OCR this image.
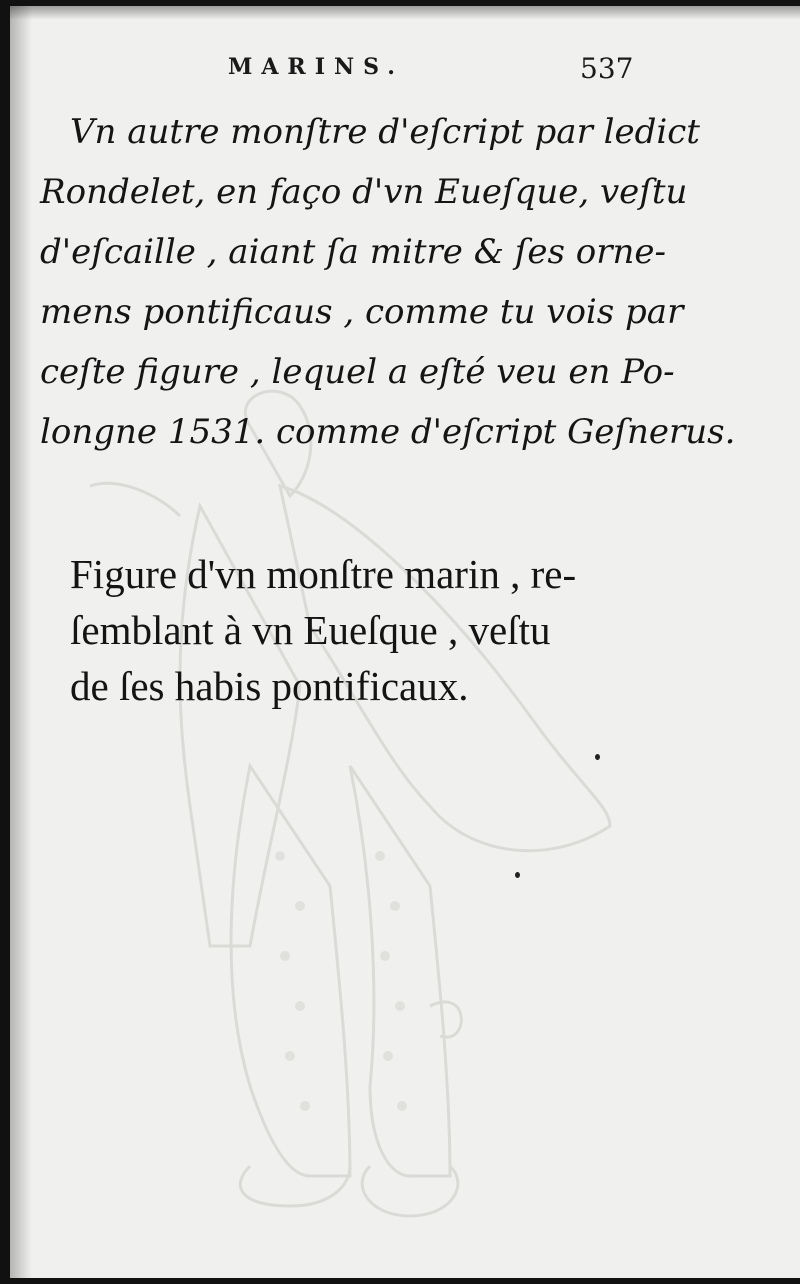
MARINS.	537
Vn autre monſtre d'eſcript par ledict
Rondelet, en faço d'vn Eueſque, veſtu
d'eſcaille , aiant ſa mitre & ſes orne-
mens pontificaus , comme tu vois par
ceſte figure , lequel a eſté veu en Po-
longne 1531. comme d'eſcript Geſnerus.
Figure d'vn monſtre marin , re-
ſemblant à vn Eueſque , veſtu
de ſes habis pontificaux.
